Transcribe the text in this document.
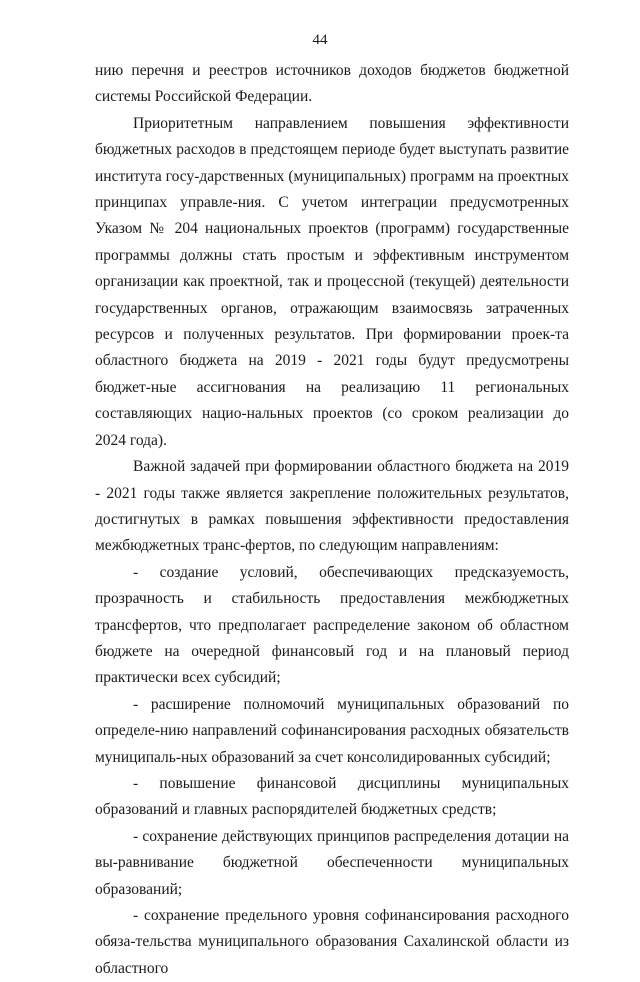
44

нию перечня и реестров источников доходов бюджетов бюджетной системы Российской Федерации.

Приоритетным направлением повышения эффективности бюджетных расходов в предстоящем периоде будет выступать развитие института госу-дарственных (муниципальных) программ на проектных принципах управле-ния. С учетом интеграции предусмотренных Указом № 204 национальных проектов (программ) государственные программы должны стать простым и эффективным инструментом организации как проектной, так и процессной (текущей) деятельности государственных органов, отражающим взаимосвязь затраченных ресурсов и полученных результатов. При формировании проек-та областного бюджета на 2019 - 2021 годы будут предусмотрены бюджет-ные ассигнования на реализацию 11 региональных составляющих нацио-нальных проектов (со сроком реализации до 2024 года).

Важной задачей при формировании областного бюджета на 2019 - 2021 годы также является закрепление положительных результатов, достигнутых в рамках повышения эффективности предоставления межбюджетных транс-фертов, по следующим направлениям:

- создание условий, обеспечивающих предсказуемость, прозрачность и стабильность предоставления межбюджетных трансфертов, что предполагает распределение законом об областном бюджете на очередной финансовый год и на плановый период практически всех субсидий;

- расширение полномочий муниципальных образований по определе-нию направлений софинансирования расходных обязательств муниципаль-ных образований за счет консолидированных субсидий;

- повышение финансовой дисциплины муниципальных образований и главных распорядителей бюджетных средств;

- сохранение действующих принципов распределения дотации на вы-равнивание бюджетной обеспеченности муниципальных образований;

- сохранение предельного уровня софинансирования расходного обяза-тельства муниципального образования Сахалинской области из областного
